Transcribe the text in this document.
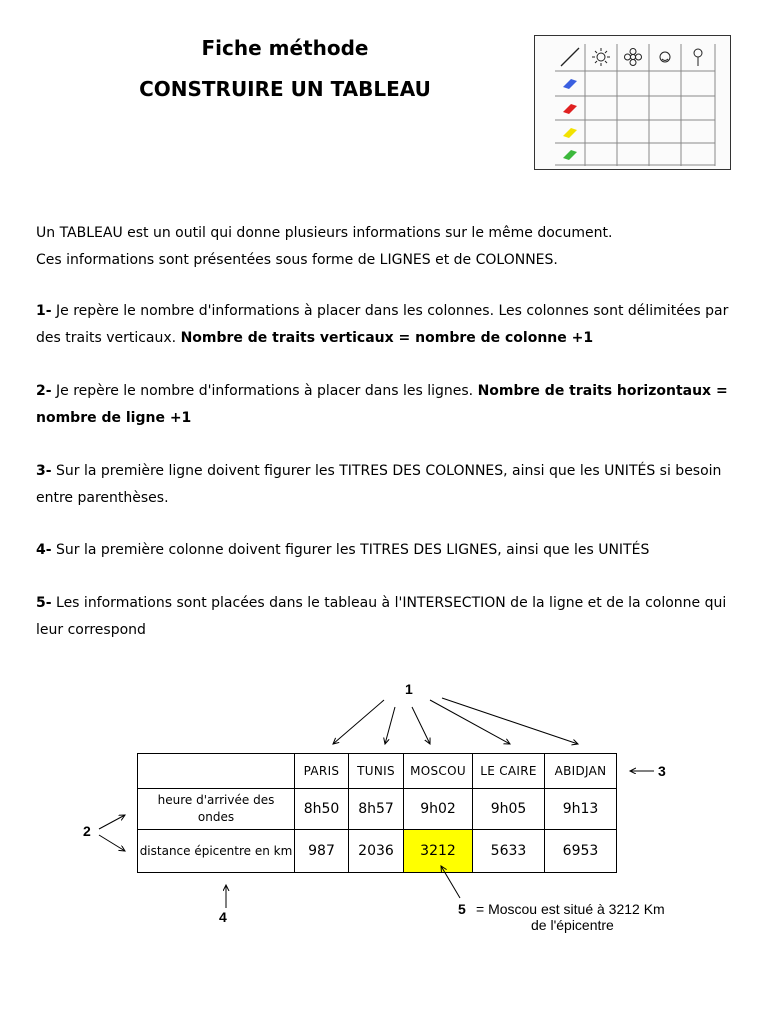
Fiche méthode
CONSTRUIRE UN TABLEAU
Un TABLEAU est un outil qui donne plusieurs informations sur le même document.
Ces informations sont présentées sous forme de LIGNES et de COLONNES.
1- Je repère le nombre d'informations à placer dans les colonnes. Les colonnes sont délimitées par des traits verticaux. Nombre de traits verticaux = nombre de colonne +1
2- Je repère le nombre d'informations à placer dans les lignes. Nombre de traits horizontaux = nombre de ligne +1
3- Sur la première ligne doivent figurer les TITRES DES COLONNES, ainsi que les UNITÉS si besoin entre parenthèses.
4- Sur la première colonne doivent figurer les TITRES DES LIGNES, ainsi que les UNITÉS
5- Les informations sont placées dans le tableau à l'INTERSECTION de la ligne et de la colonne qui leur correspond
	PARIS	TUNIS	MOSCOU	LE CAIRE	ABIDJAN
heure d'arrivée des ondes	8h50	8h57	9h02	9h05	9h13
distance épicentre en km	987	2036	3212	5633	6953
1
3
2
4	5 = Moscou est situé à 3212 Km
de l'épicentre
